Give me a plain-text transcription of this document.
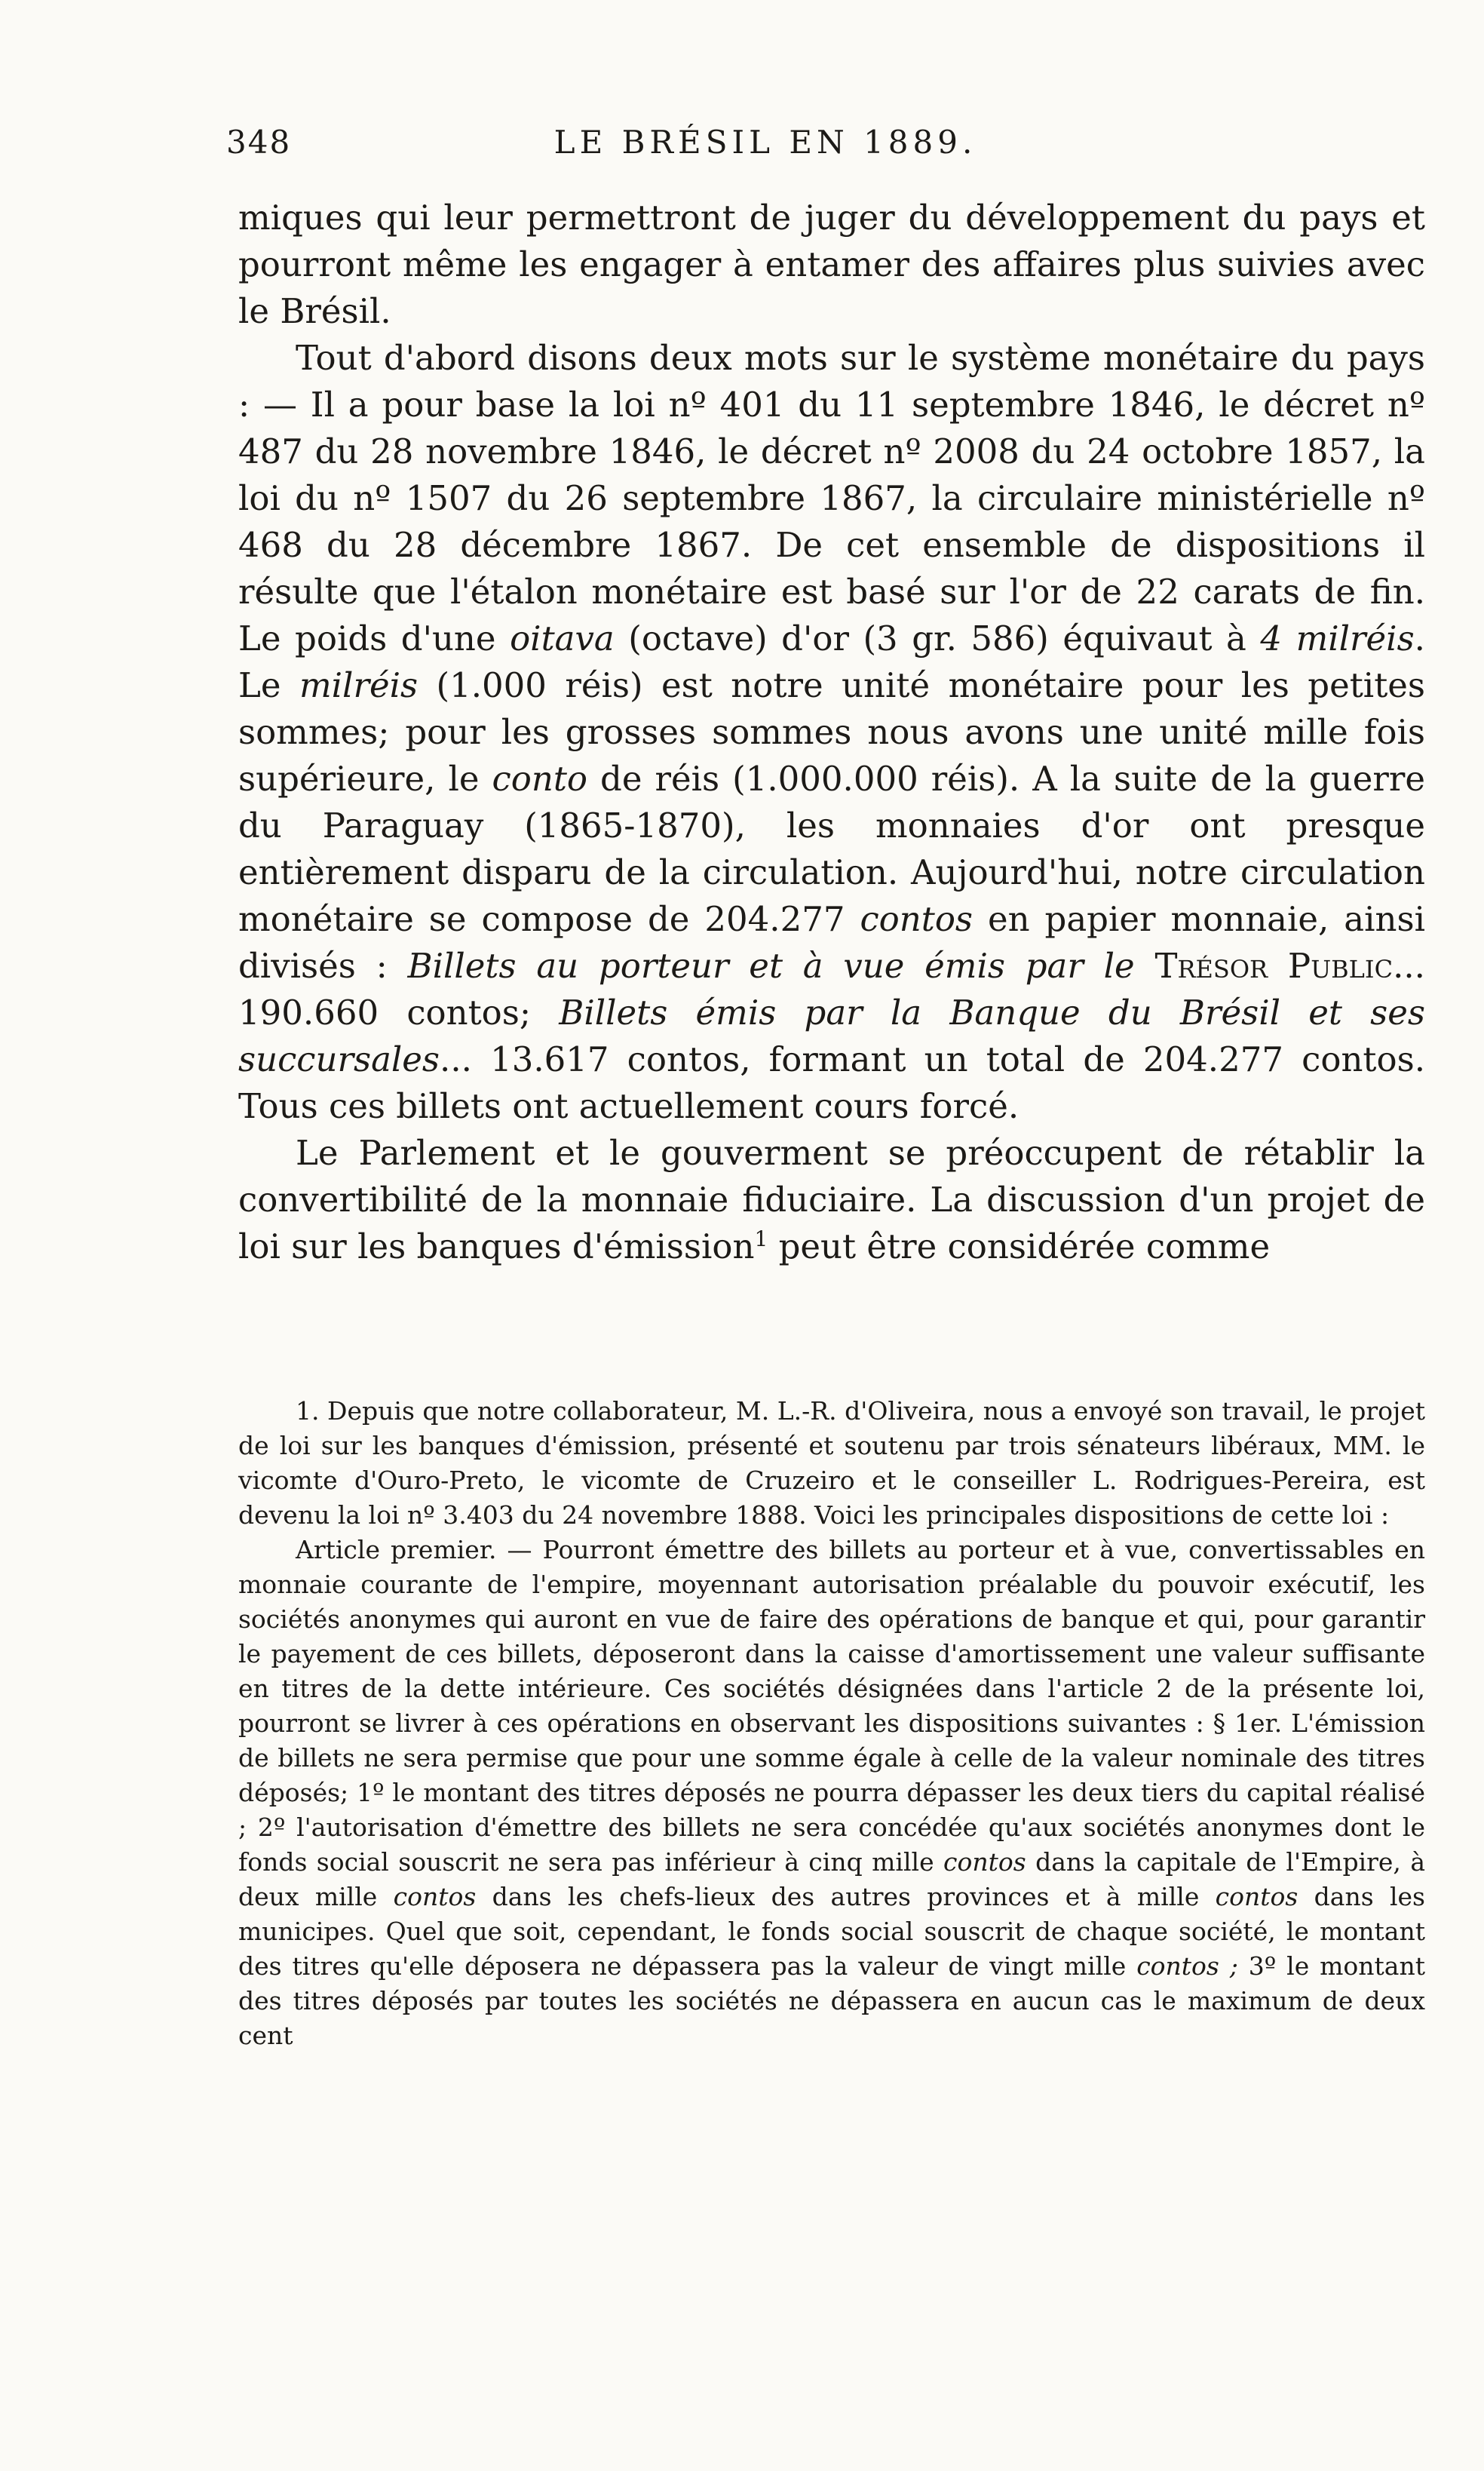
348	LE BRÉSIL EN 1889.

miques qui leur permettront de juger du développement du pays et pourront même les engager à entamer des affaires plus suivies avec le Brésil.

Tout d'abord disons deux mots sur le système monétaire du pays : — Il a pour base la loi nº 401 du 11 septembre 1846, le décret nº 487 du 28 novembre 1846, le décret nº 2008 du 24 octobre 1857, la loi du nº 1507 du 26 septembre 1867, la circulaire ministérielle nº 468 du 28 décembre 1867. De cet ensemble de dispositions il résulte que l'étalon monétaire est basé sur l'or de 22 carats de fin. Le poids d'une oitava (octave) d'or (3 gr. 586) équivaut à 4 milréis. Le milréis (1.000 réis) est notre unité monétaire pour les petites sommes; pour les grosses sommes nous avons une unité mille fois supérieure, le conto de réis (1.000.000 réis). A la suite de la guerre du Paraguay (1865-1870), les monnaies d'or ont presque entièrement disparu de la circulation. Aujourd'hui, notre circulation monétaire se compose de 204.277 contos en papier monnaie, ainsi divisés : Billets au porteur et à vue émis par le Trésor Public... 190.660 contos; Billets émis par la Banque du Brésil et ses succursales... 13.617 contos, formant un total de 204.277 contos. Tous ces billets ont actuellement cours forcé.

Le Parlement et le gouverment se préoccupent de rétablir la convertibilité de la monnaie fiduciaire. La discussion d'un projet de loi sur les banques d'émission$^1$ peut être considérée comme

1. Depuis que notre collaborateur, M. L.-R. d'Oliveira, nous a envoyé son travail, le projet de loi sur les banques d'émission, présenté et soutenu par trois sénateurs libéraux, MM. le vicomte d'Ouro-Preto, le vicomte de Cruzeiro et le conseiller L. Rodrigues-Pereira, est devenu la loi nº 3.403 du 24 novembre 1888. Voici les principales dispositions de cette loi :

Article premier. — Pourront émettre des billets au porteur et à vue, convertissables en monnaie courante de l'empire, moyennant autorisation préalable du pouvoir exécutif, les sociétés anonymes qui auront en vue de faire des opérations de banque et qui, pour garantir le payement de ces billets, déposeront dans la caisse d'amortissement une valeur suffisante en titres de la dette intérieure. Ces sociétés désignées dans l'article 2 de la présente loi, pourront se livrer à ces opérations en observant les dispositions suivantes : § 1er. L'émission de billets ne sera permise que pour une somme égale à celle de la valeur nominale des titres déposés; 1º le montant des titres déposés ne pourra dépasser les deux tiers du capital réalisé ; 2º l'autorisation d'émettre des billets ne sera concédée qu'aux sociétés anonymes dont le fonds social souscrit ne sera pas inférieur à cinq mille contos dans la capitale de l'Empire, à deux mille contos dans les chefs-lieux des autres provinces et à mille contos dans les municipes. Quel que soit, cependant, le fonds social souscrit de chaque société, le montant des titres qu'elle déposera ne dépassera pas la valeur de vingt mille contos ; 3º le montant des titres déposés par toutes les sociétés ne dépassera en aucun cas le maximum de deux cent
